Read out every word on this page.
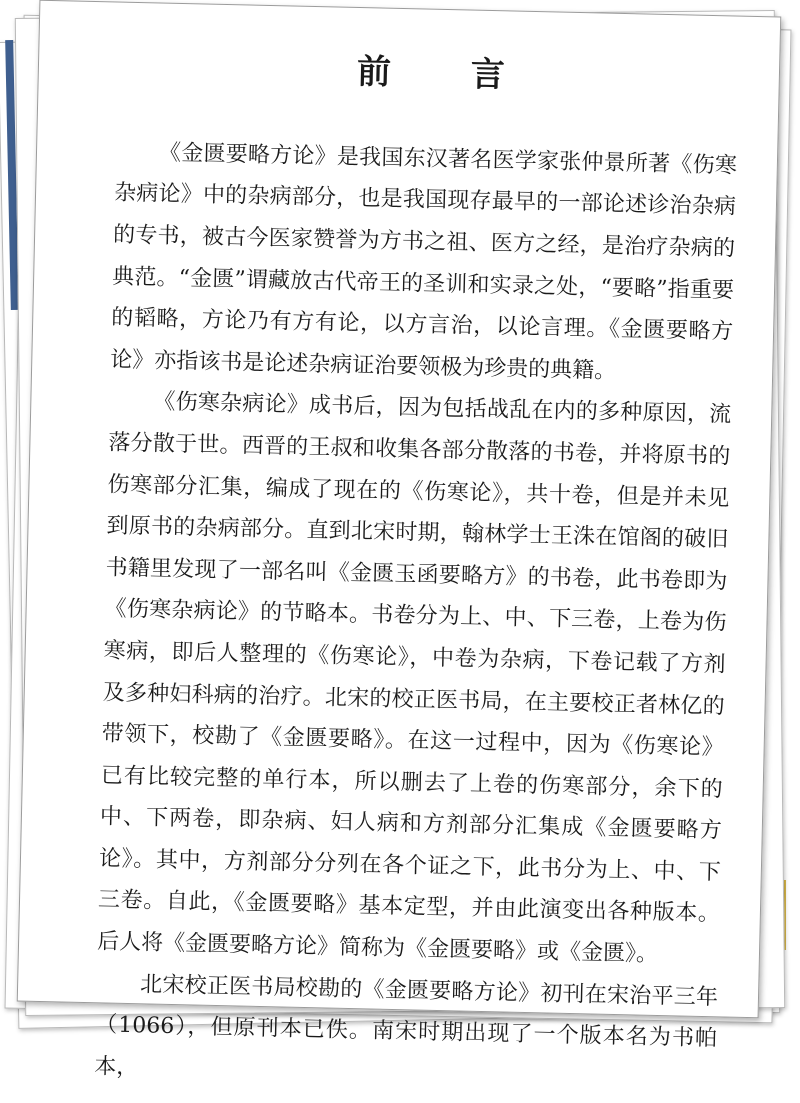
前 言

《金匮要略方论》是我国东汉著名医学家张仲景所著《伤寒杂病论》中的杂病部分，也是我国现存最早的一部论述诊治杂病的专书，被古今医家赞誉为方书之祖、医方之经，是治疗杂病的典范。“金匮”谓藏放古代帝王的圣训和实录之处，“要略”指重要的韬略，方论乃有方有论，以方言治，以论言理。《金匮要略方论》亦指该书是论述杂病证治要领极为珍贵的典籍。

《伤寒杂病论》成书后，因为包括战乱在内的多种原因，流落分散于世。西晋的王叔和收集各部分散落的书卷，并将原书的伤寒部分汇集，编成了现在的《伤寒论》，共十卷，但是并未见到原书的杂病部分。直到北宋时期，翰林学士王洙在馆阁的破旧书籍里发现了一部名叫《金匮玉函要略方》的书卷，此书卷即为《伤寒杂病论》的节略本。书卷分为上、中、下三卷，上卷为伤寒病，即后人整理的《伤寒论》，中卷为杂病，下卷记载了方剂及多种妇科病的治疗。北宋的校正医书局，在主要校正者林亿的带领下，校勘了《金匮要略》。在这一过程中，因为《伤寒论》已有比较完整的单行本，所以删去了上卷的伤寒部分，余下的中、下两卷，即杂病、妇人病和方剂部分汇集成《金匮要略方论》。其中，方剂部分分列在各个证之下，此书分为上、中、下三卷。自此，《金匮要略》基本定型，并由此演变出各种版本。后人将《金匮要略方论》简称为《金匮要略》或《金匮》。

北宋校正医书局校勘的《金匮要略方论》初刊在宋治平三年（1066），但原刊本已佚。南宋时期出现了一个版本名为书帕本，
